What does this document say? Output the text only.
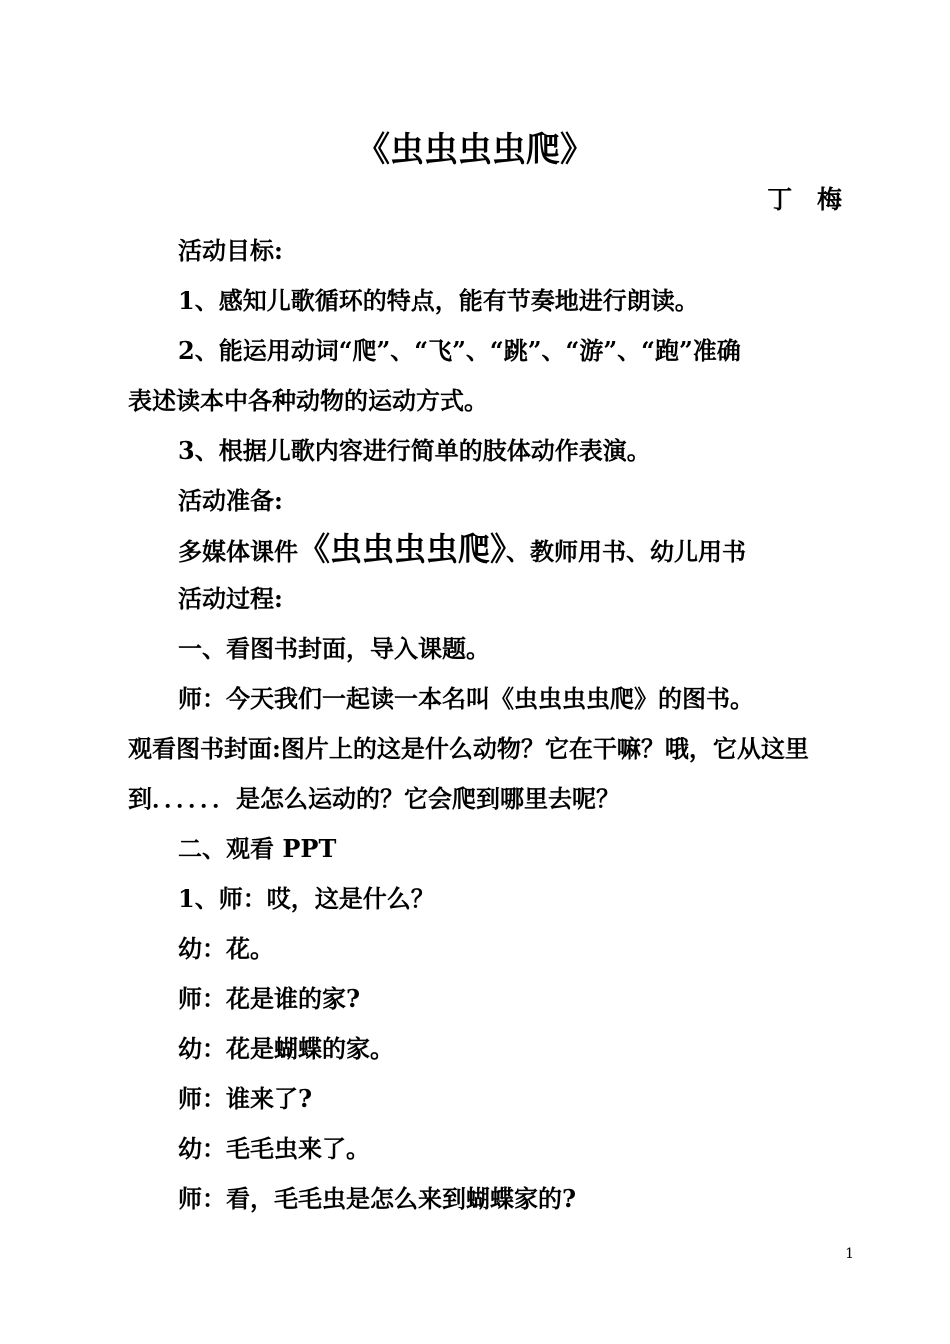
《虫虫虫虫爬》
丁 梅
活动目标:
1、感知儿歌循环的特点，能有节奏地进行朗读。
2、能运用动词“爬”、“飞”、“跳”、“游”、“跑”准确
表述读本中各种动物的运动方式。
3、根据儿歌内容进行简单的肢体动作表演。
活动准备:
多媒体课件《虫虫虫虫爬》、教师用书、幼儿用书
活动过程:
一、看图书封面，导入课题。
师：今天我们一起读一本名叫《虫虫虫虫爬》的图书。
观看图书封面:图片上的这是什么动物？它在干嘛？哦，它从这里
到．．．．．．是怎么运动的？它会爬到哪里去呢？
二、观看 PPT
1、师：哎，这是什么？
幼：花。
师：花是谁的家?
幼：花是蝴蝶的家。
师：谁来了?
幼：毛毛虫来了。
师：看，毛毛虫是怎么来到蝴蝶家的?
1
